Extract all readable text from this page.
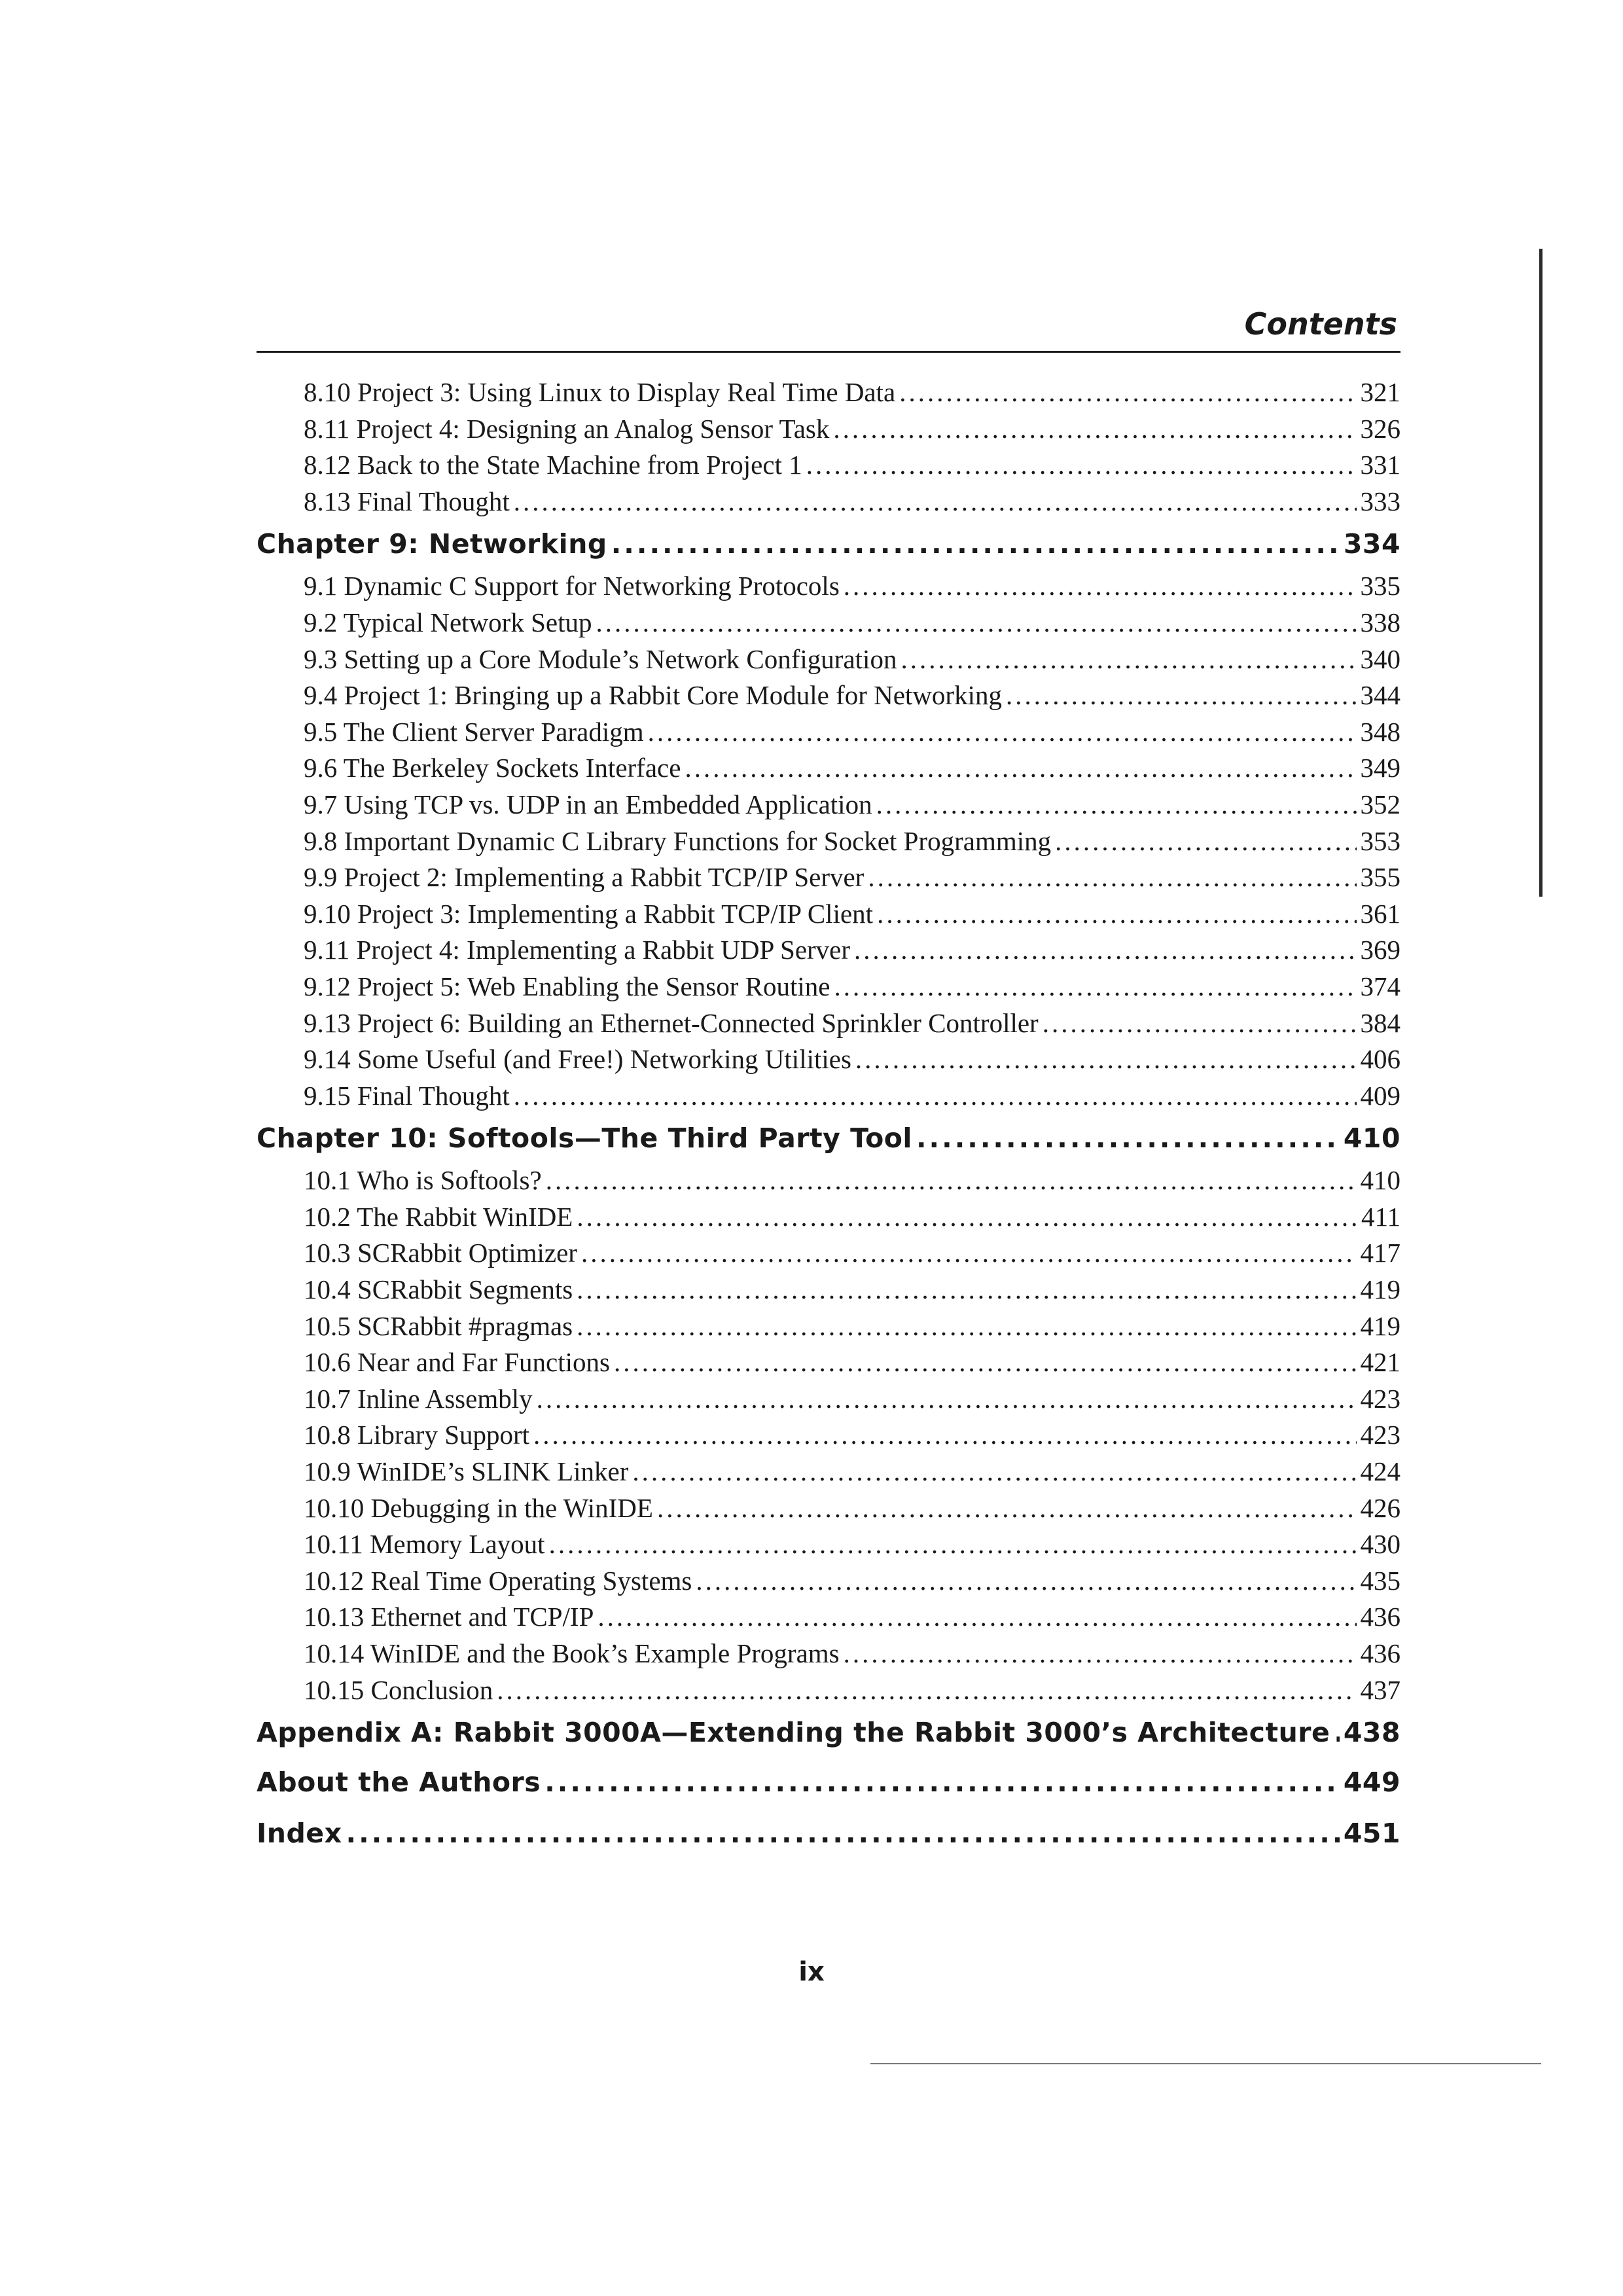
Contents
8.10 Project 3: Using Linux to Display Real Time Data .....	321
8.11 Project 4: Designing an Analog Sensor Task .....	326
8.12 Back to the State Machine from Project 1 .....	331
8.13 Final Thought .....	333
Chapter 9: Networking .....	334
9.1 Dynamic C Support for Networking Protocols .....	335
9.2 Typical Network Setup .....	338
9.3 Setting up a Core Module’s Network Configuration .....	340
9.4 Project 1: Bringing up a Rabbit Core Module for Networking .....	344
9.5 The Client Server Paradigm .....	348
9.6 The Berkeley Sockets Interface .....	349
9.7 Using TCP vs. UDP in an Embedded Application .....	352
9.8 Important Dynamic C Library Functions for Socket Programming .....	353
9.9 Project 2: Implementing a Rabbit TCP/IP Server .....	355
9.10 Project 3: Implementing a Rabbit TCP/IP Client .....	361
9.11 Project 4: Implementing a Rabbit UDP Server .....	369
9.12 Project 5: Web Enabling the Sensor Routine .....	374
9.13 Project 6: Building an Ethernet-Connected Sprinkler Controller .....	384
9.14 Some Useful (and Free!) Networking Utilities .....	406
9.15 Final Thought .....	409
Chapter 10: Softools—The Third Party Tool .....	410
10.1 Who is Softools? .....	410
10.2 The Rabbit WinIDE .....	411
10.3 SCRabbit Optimizer .....	417
10.4 SCRabbit Segments .....	419
10.5 SCRabbit #pragmas .....	419
10.6 Near and Far Functions .....	421
10.7 Inline Assembly .....	423
10.8 Library Support .....	423
10.9 WinIDE’s SLINK Linker .....	424
10.10 Debugging in the WinIDE .....	426
10.11 Memory Layout .....	430
10.12 Real Time Operating Systems .....	435
10.13 Ethernet and TCP/IP .....	436
10.14 WinIDE and the Book’s Example Programs .....	436
10.15 Conclusion .....	437
Appendix A: Rabbit 3000A—Extending the Rabbit 3000’s Architecture ..... 438
About the Authors .....	449
Index .....	451
ix
